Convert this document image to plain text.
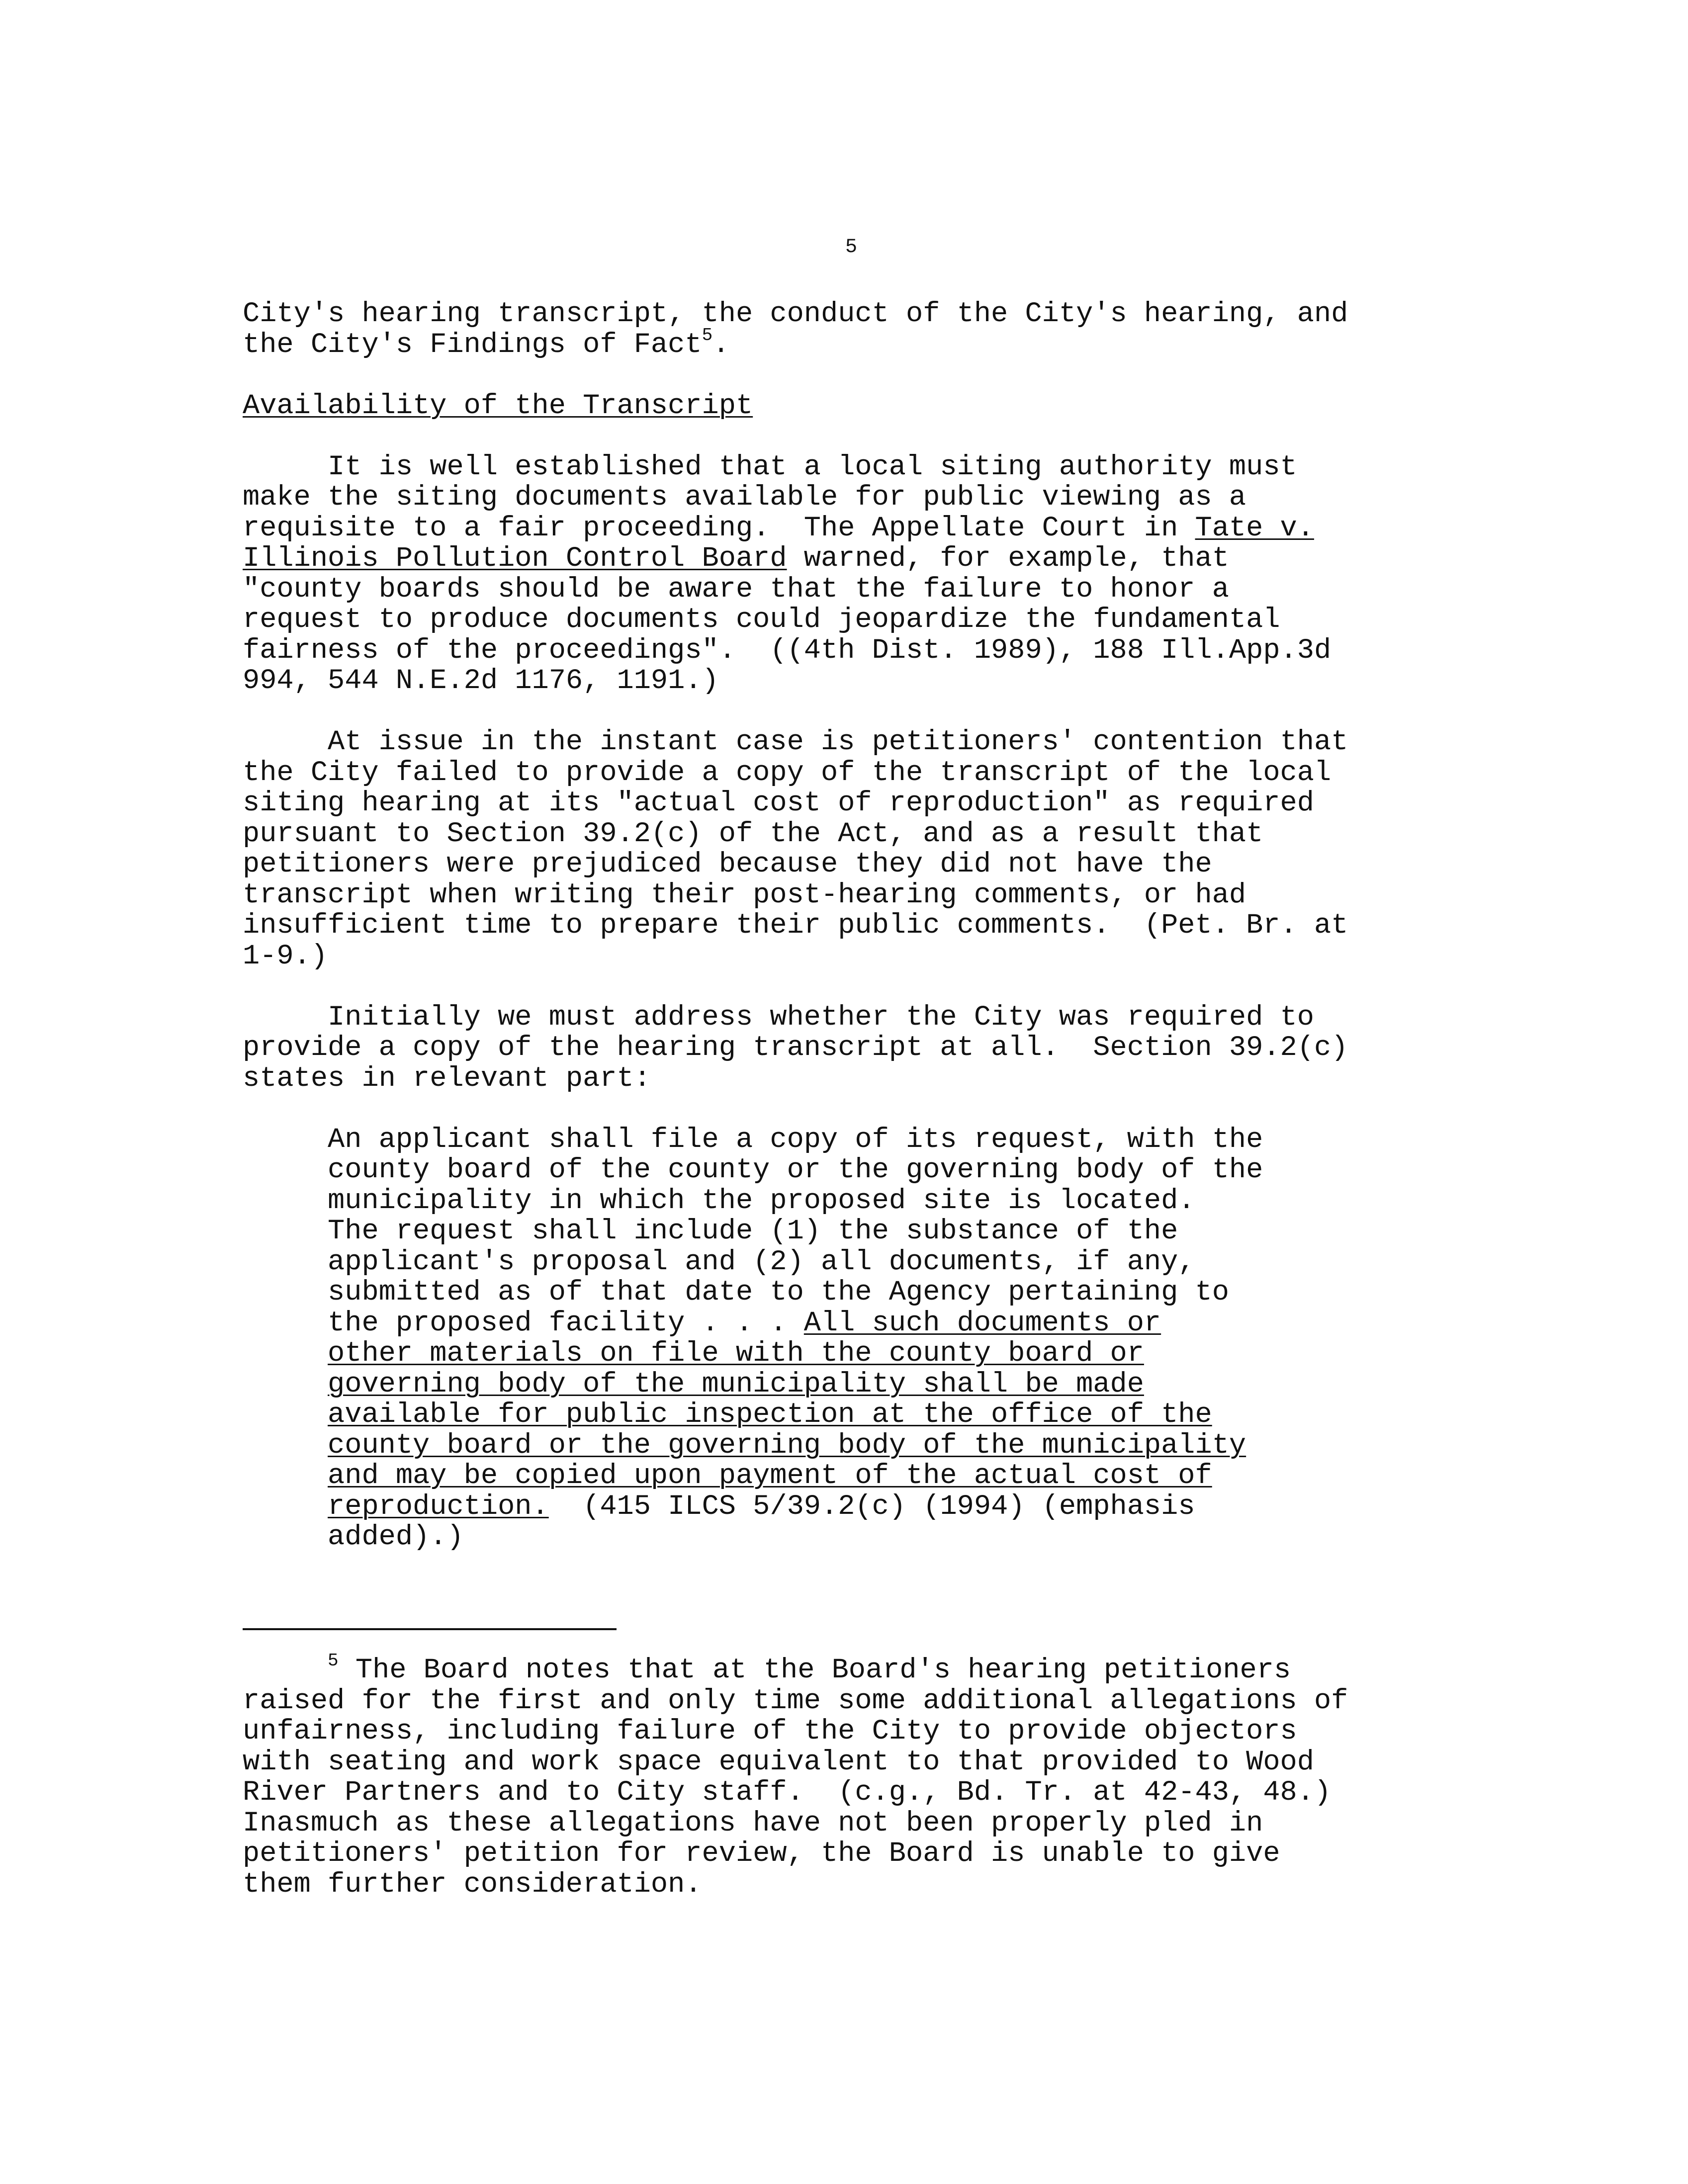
5

City's hearing transcript, the conduct of the City's hearing, and

the City's Findings of Fact$^5$.

Availability of the Transcript

It is well established that a local siting authority must

make the siting documents available for public viewing as a

requisite to a fair proceeding.  The Appellate Court in Tate v.

Illinois Pollution Control Board warned, for example, that

"county boards should be aware that the failure to honor a

request to produce documents could jeopardize the fundamental

fairness of the proceedings".  ((4th Dist. 1989), 188 Ill.App.3d

994, 544 N.E.2d 1176, 1191.)

At issue in the instant case is petitioners' contention that

the City failed to provide a copy of the transcript of the local

siting hearing at its "actual cost of reproduction" as required

pursuant to Section 39.2(c) of the Act, and as a result that

petitioners were prejudiced because they did not have the

transcript when writing their post-hearing comments, or had

insufficient time to prepare their public comments.  (Pet. Br. at

1-9.)

Initially we must address whether the City was required to

provide a copy of the hearing transcript at all.  Section 39.2(c)

states in relevant part:

An applicant shall file a copy of its request, with the

county board of the county or the governing body of the

municipality in which the proposed site is located.

The request shall include (1) the substance of the

applicant's proposal and (2) all documents, if any,

submitted as of that date to the Agency pertaining to

the proposed facility . . . All such documents or

other materials on file with the county board or

governing body of the municipality shall be made

available for public inspection at the office of the

county board or the governing body of the municipality

and may be copied upon payment of the actual cost of

reproduction.  (415 ILCS 5/39.2(c) (1994) (emphasis

added).)

$^5$ The Board notes that at the Board's hearing petitioners

raised for the first and only time some additional allegations of

unfairness, including failure of the City to provide objectors

with seating and work space equivalent to that provided to Wood

River Partners and to City staff.  (c.g., Bd. Tr. at 42-43, 48.)

Inasmuch as these allegations have not been properly pled in

petitioners' petition for review, the Board is unable to give

them further consideration.
